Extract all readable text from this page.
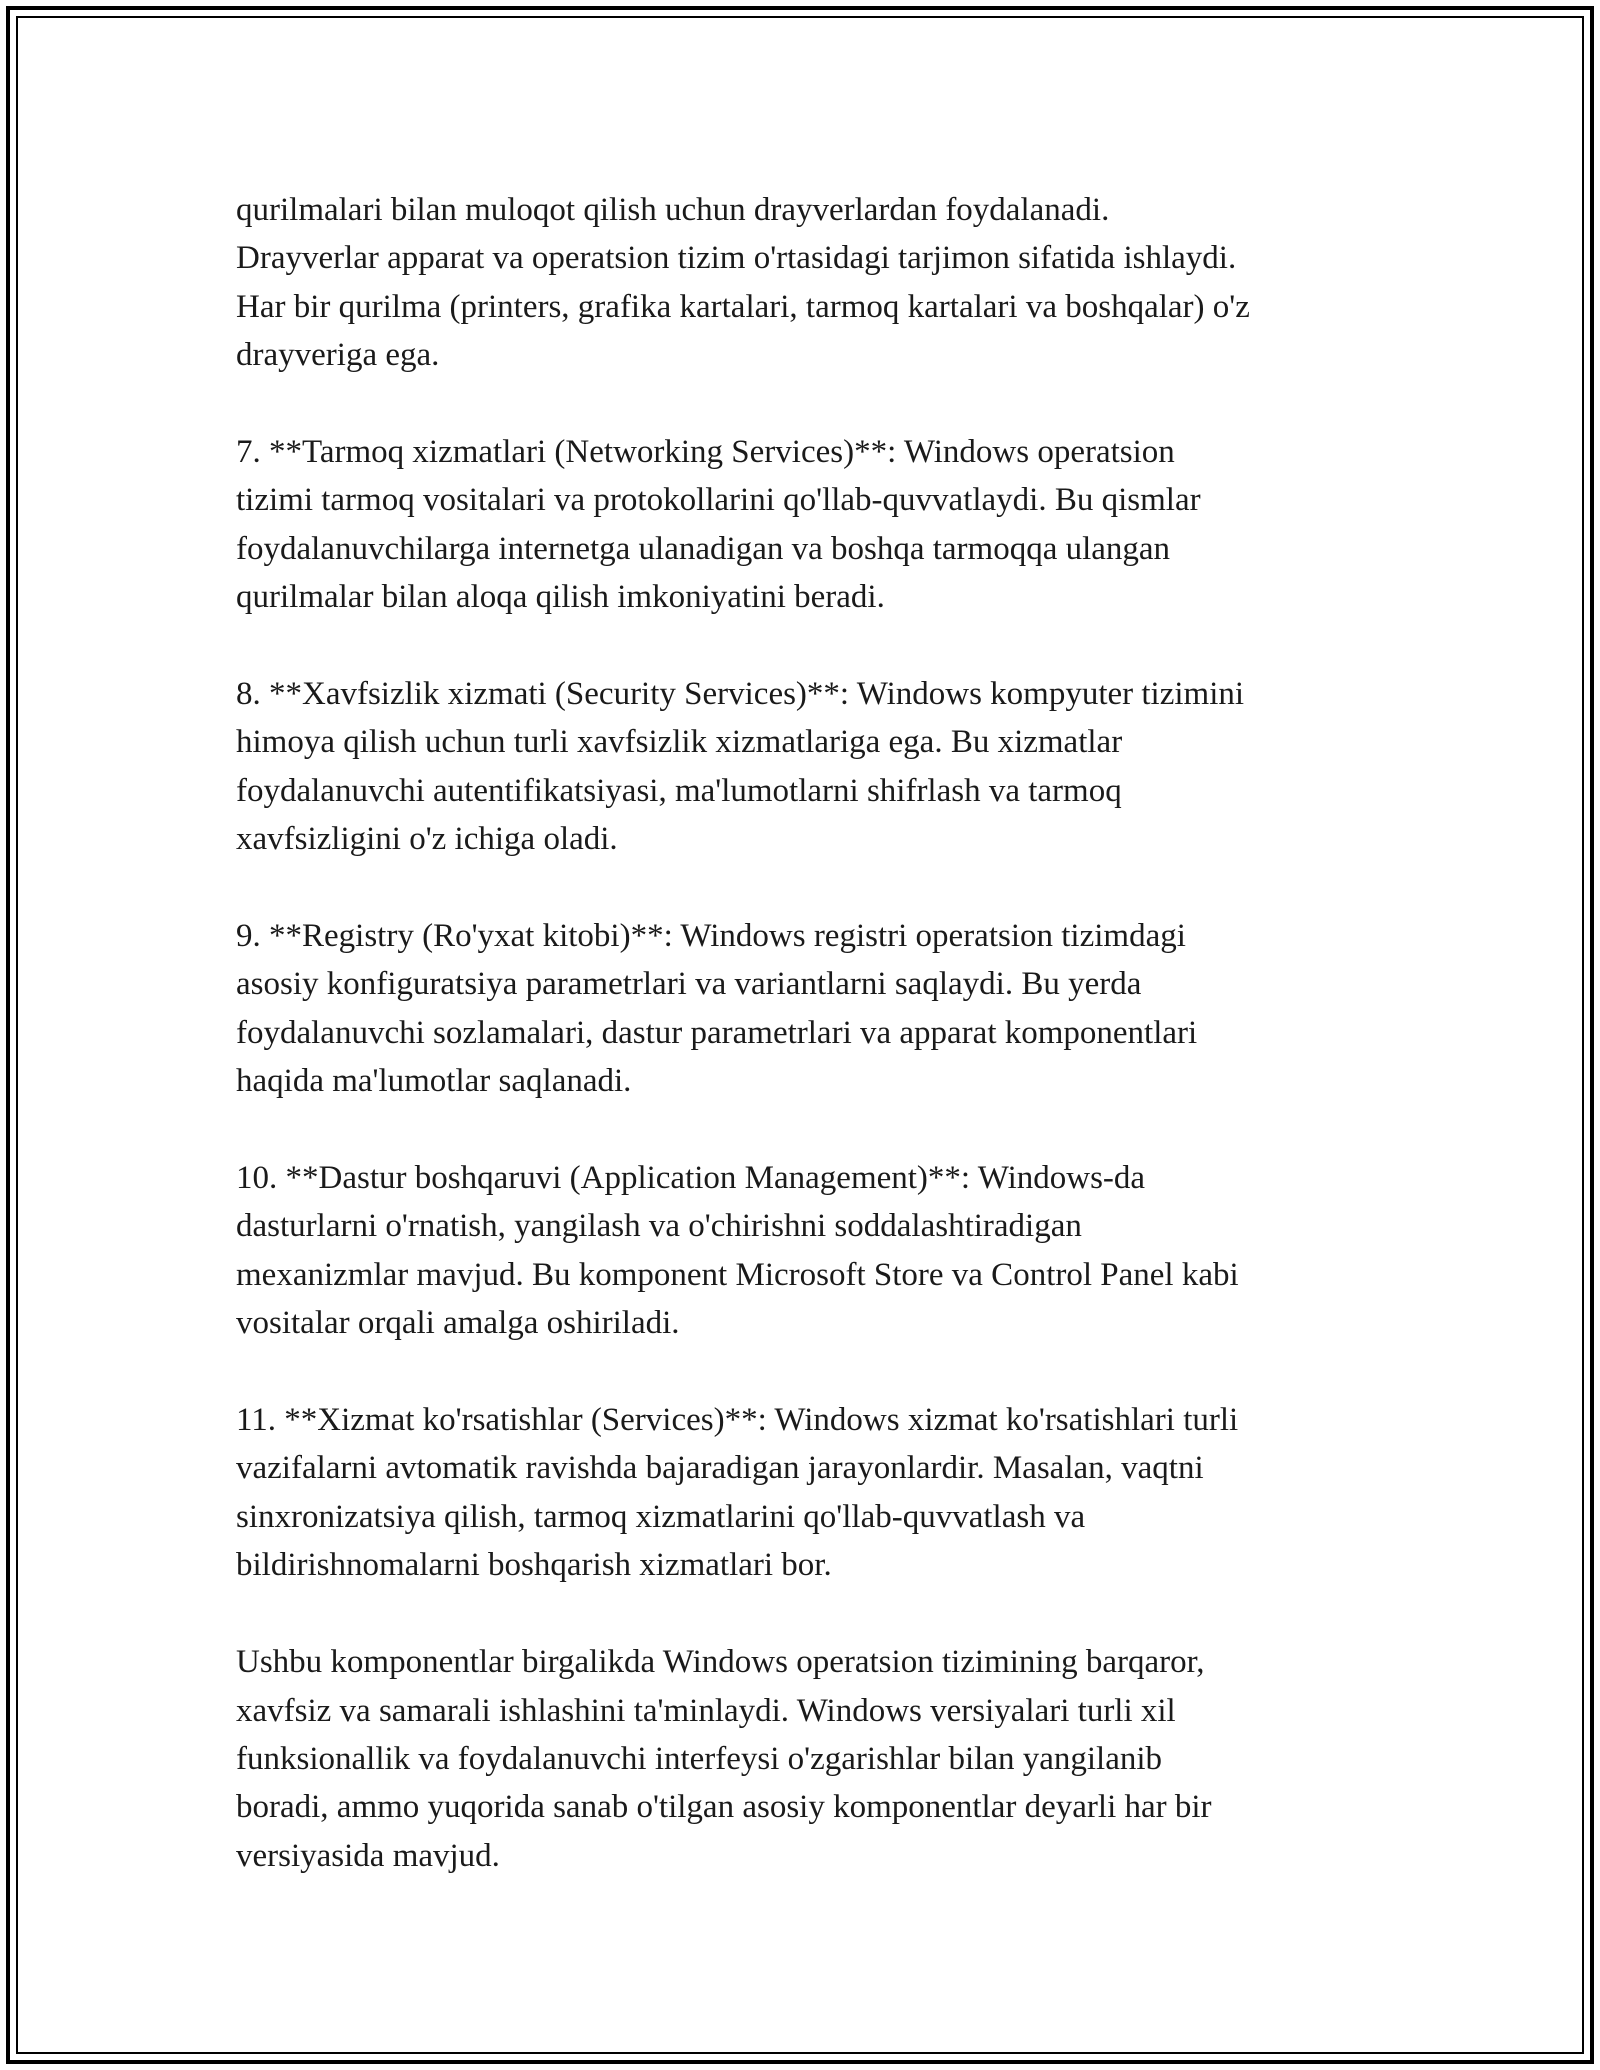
qurilmalari bilan muloqot qilish uchun drayverlardan foydalanadi.
Drayverlar apparat va operatsion tizim o'rtasidagi tarjimon sifatida ishlaydi.
Har bir qurilma (printers, grafika kartalari, tarmoq kartalari va boshqalar) o'z
drayveriga ega.

7. **Tarmoq xizmatlari (Networking Services)**: Windows operatsion
tizimi tarmoq vositalari va protokollarini qo'llab-quvvatlaydi. Bu qismlar
foydalanuvchilarga internetga ulanadigan va boshqa tarmoqqa ulangan
qurilmalar bilan aloqa qilish imkoniyatini beradi.

8. **Xavfsizlik xizmati (Security Services)**: Windows kompyuter tizimini
himoya qilish uchun turli xavfsizlik xizmatlariga ega. Bu xizmatlar
foydalanuvchi autentifikatsiyasi, ma'lumotlarni shifrlash va tarmoq
xavfsizligini o'z ichiga oladi.

9. **Registry (Ro'yxat kitobi)**: Windows registri operatsion tizimdagi
asosiy konfiguratsiya parametrlari va variantlarni saqlaydi. Bu yerda
foydalanuvchi sozlamalari, dastur parametrlari va apparat komponentlari
haqida ma'lumotlar saqlanadi.

10. **Dastur boshqaruvi (Application Management)**: Windows-da
dasturlarni o'rnatish, yangilash va o'chirishni soddalashtiradigan
mexanizmlar mavjud. Bu komponent Microsoft Store va Control Panel kabi
vositalar orqali amalga oshiriladi.

11. **Xizmat ko'rsatishlar (Services)**: Windows xizmat ko'rsatishlari turli
vazifalarni avtomatik ravishda bajaradigan jarayonlardir. Masalan, vaqtni
sinxronizatsiya qilish, tarmoq xizmatlarini qo'llab-quvvatlash va
bildirishnomalarni boshqarish xizmatlari bor.

Ushbu komponentlar birgalikda Windows operatsion tizimining barqaror,
xavfsiz va samarali ishlashini ta'minlaydi. Windows versiyalari turli xil
funksionallik va foydalanuvchi interfeysi o'zgarishlar bilan yangilanib
boradi, ammo yuqorida sanab o'tilgan asosiy komponentlar deyarli har bir
versiyasida mavjud.
